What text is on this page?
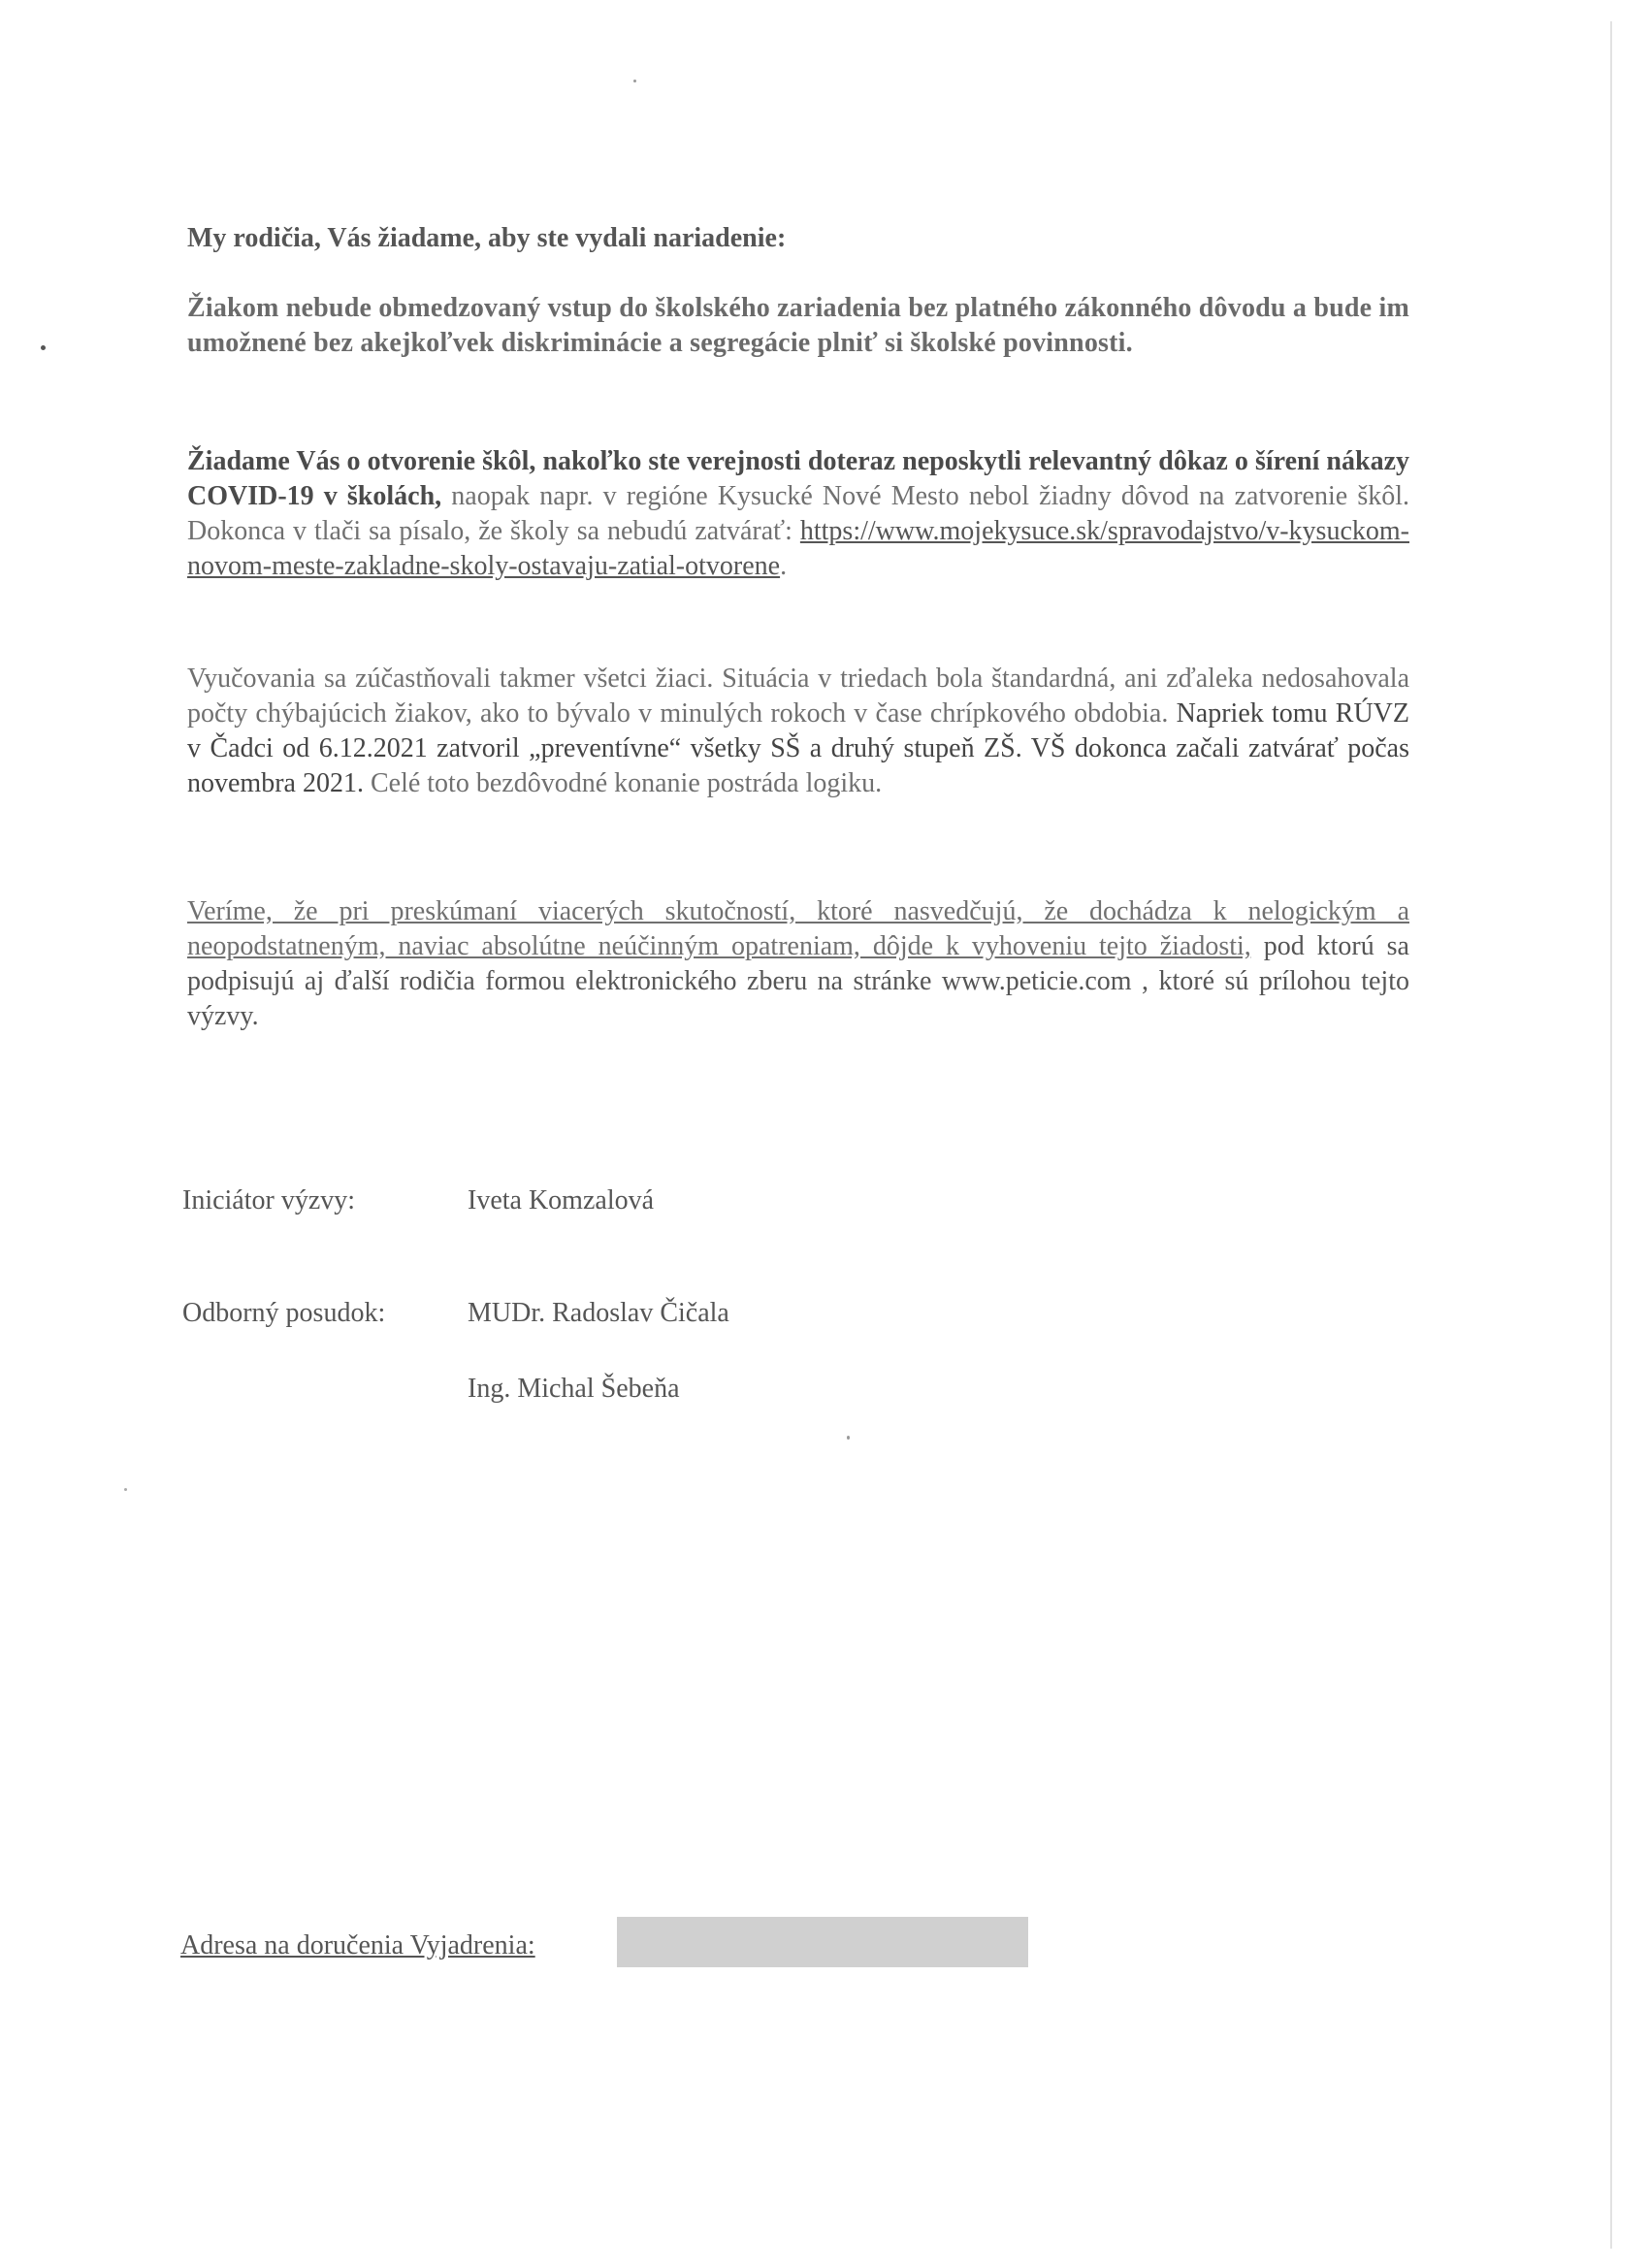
My rodičia, Vás žiadame, aby ste vydali nariadenie:
Žiakom nebude obmedzovaný vstup do školského zariadenia bez platného zákonného dôvodu a bude im umožnené bez akejkoľvek diskriminácie a segregácie plniť si školské povinnosti.
Žiadame Vás o otvorenie škôl, nakoľko ste verejnosti doteraz neposkytli relevantný dôkaz o šírení nákazy COVID-19 v školách, naopak napr. v regióne Kysucké Nové Mesto nebol žiadny dôvod na zatvorenie škôl. Dokonca v tlači sa písalo, že školy sa nebudú zatvárať: https://www.mojekysuce.sk/spravodajstvo/v-kysuckom-novom-meste-zakladne-skoly-ostavaju-zatial-otvorene.
Vyučovania sa zúčastňovali takmer všetci žiaci. Situácia v triedach bola štandardná, ani zďaleka nedosahovala počty chýbajúcich žiakov, ako to bývalo v minulých rokoch v čase chrípkového obdobia. Napriek tomu RÚVZ v Čadci od 6.12.2021 zatvoril „preventívne“ všetky SŠ a druhý stupeň ZŠ. VŠ dokonca začali zatvárať počas novembra 2021. Celé toto bezdôvodné konanie postráda logiku.
Veríme, že pri preskúmaní viacerých skutočností, ktoré nasvedčujú, že dochádza k nelogickým a neopodstatneným, naviac absolútne neúčinným opatreniam, dôjde k vyhoveniu tejto žiadosti, pod ktorú sa podpisujú aj ďalší rodičia formou elektronického zberu na stránke www.peticie.com , ktoré sú prílohou tejto výzvy.
Iniciátor výzvy:	Iveta Komzalová
Odborný posudok:	MUDr. Radoslav Čičala
Ing. Michal Šebeňa
Adresa na doručenia Vyjadrenia:
